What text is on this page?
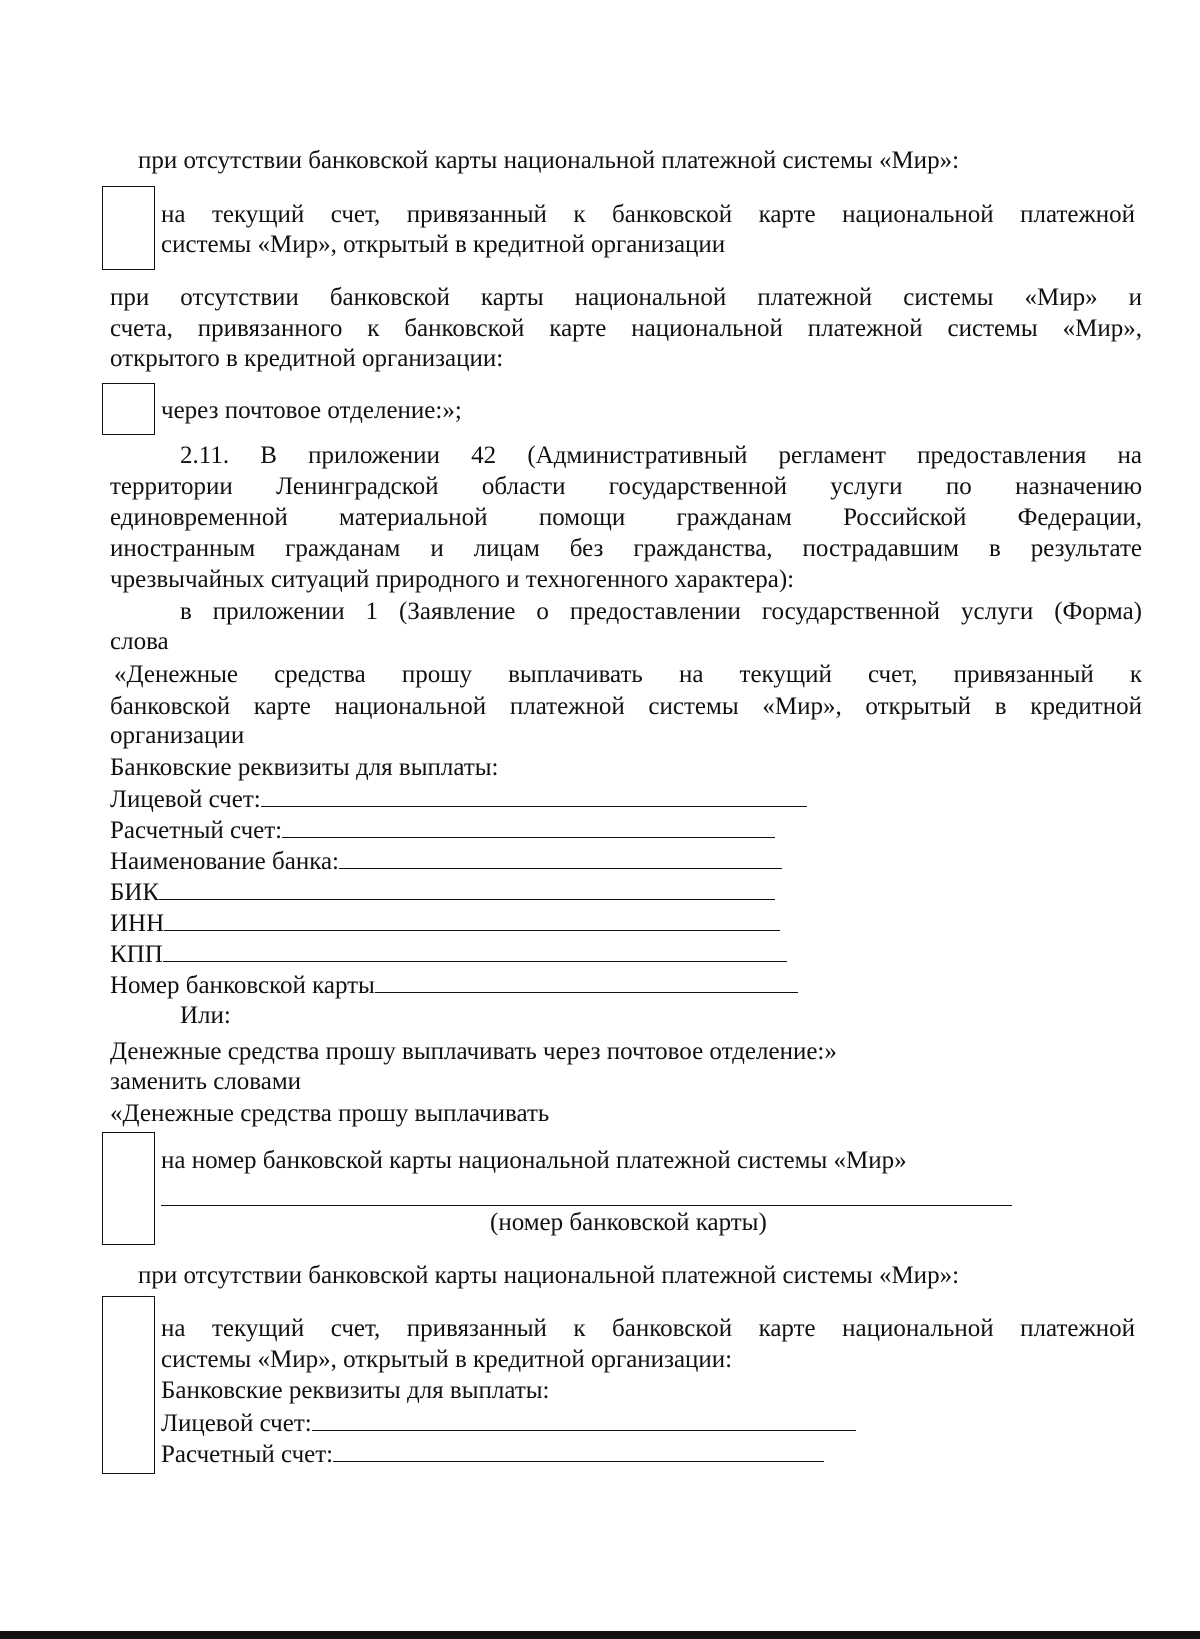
при отсутствии банковской карты национальной платежной системы «Мир»:
на текущий счет, привязанный к банковской карте национальной платежной
системы «Мир», открытый в кредитной организации
при отсутствии банковской карты национальной платежной системы «Мир» и
счета, привязанного к банковской карте национальной платежной системы «Мир»,
открытого в кредитной организации:
через почтовое отделение:»;
2.11. В приложении 42 (Административный регламент предоставления на
территории Ленинградской области государственной услуги по назначению
единовременной материальной помощи гражданам Российской Федерации,
иностранным гражданам и лицам без гражданства, пострадавшим в результате
чрезвычайных ситуаций природного и техногенного характера):
в приложении 1 (Заявление о предоставлении государственной услуги (Форма)
слова
«Денежные средства прошу выплачивать на текущий счет, привязанный к
банковской карте национальной платежной системы «Мир», открытый в кредитной
организации
Банковские реквизиты для выплаты:
Лицевой счет:
Расчетный счет:
Наименование банка:
БИК
ИНН
КПП
Номер банковской карты
Или:
Денежные средства прошу выплачивать через почтовое отделение:»
заменить словами
«Денежные средства прошу выплачивать
на номер банковской карты национальной платежной системы «Мир»
(номер банковской карты)
при отсутствии банковской карты национальной платежной системы «Мир»:
на текущий счет, привязанный к банковской карте национальной платежной
системы «Мир», открытый в кредитной организации:
Банковские реквизиты для выплаты:
Лицевой счет:
Расчетный счет:
